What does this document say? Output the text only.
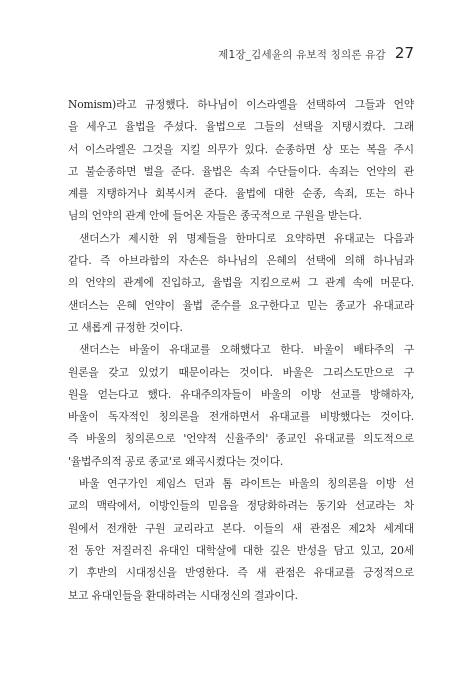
제1장_김세윤의 유보적 칭의론 유감 27
Nomism)라고 규정했다. 하나님이 이스라엘을 선택하여 그들과 언약
을 세우고 율법을 주셨다. 율법으로 그들의 선택을 지탱시켰다. 그래
서 이스라엘은 그것을 지킬 의무가 있다. 순종하면 상 또는 복을 주시
고 불순종하면 벌을 준다. 율법은 속죄 수단들이다. 속죄는 언약의 관
계를 지탱하거나 회복시켜 준다. 율법에 대한 순종, 속죄, 또는 하나
님의 언약의 관계 안에 들어온 자들은 종국적으로 구원을 받는다.
샌더스가 제시한 위 명제들을 한마디로 요약하면 유대교는 다음과
같다. 즉 아브라함의 자손은 하나님의 은혜의 선택에 의해 하나님과
의 언약의 관계에 진입하고, 율법을 지킴으로써 그 관계 속에 머문다.
샌더스는 은혜 언약이 율법 준수를 요구한다고 믿는 종교가 유대교라
고 새롭게 규정한 것이다.
샌더스는 바울이 유대교를 오해했다고 한다. 바울이 배타주의 구
원론을 갖고 있었기 때문이라는 것이다. 바울은 그리스도만으로 구
원을 얻는다고 했다. 유대주의자들이 바울의 이방 선교를 방해하자,
바울이 독자적인 칭의론을 전개하면서 유대교를 비방했다는 것이다.
즉 바울의 칭의론으로 '언약적 신율주의' 종교인 유대교를 의도적으로
'율법주의적 공로 종교'로 왜곡시켰다는 것이다.
바울 연구가인 제임스 던과 톰 라이트는 바울의 칭의론을 이방 선
교의 맥락에서, 이방인들의 믿음을 정당화하려는 동기와 선교라는 차
원에서 전개한 구원 교리라고 본다. 이들의 새 관점은 제2차 세계대
전 동안 저질러진 유대인 대학살에 대한 깊은 반성을 담고 있고, 20세
기 후반의 시대정신을 반영한다. 즉 새 관점은 유대교를 긍정적으로
보고 유대인들을 환대하려는 시대정신의 결과이다.
